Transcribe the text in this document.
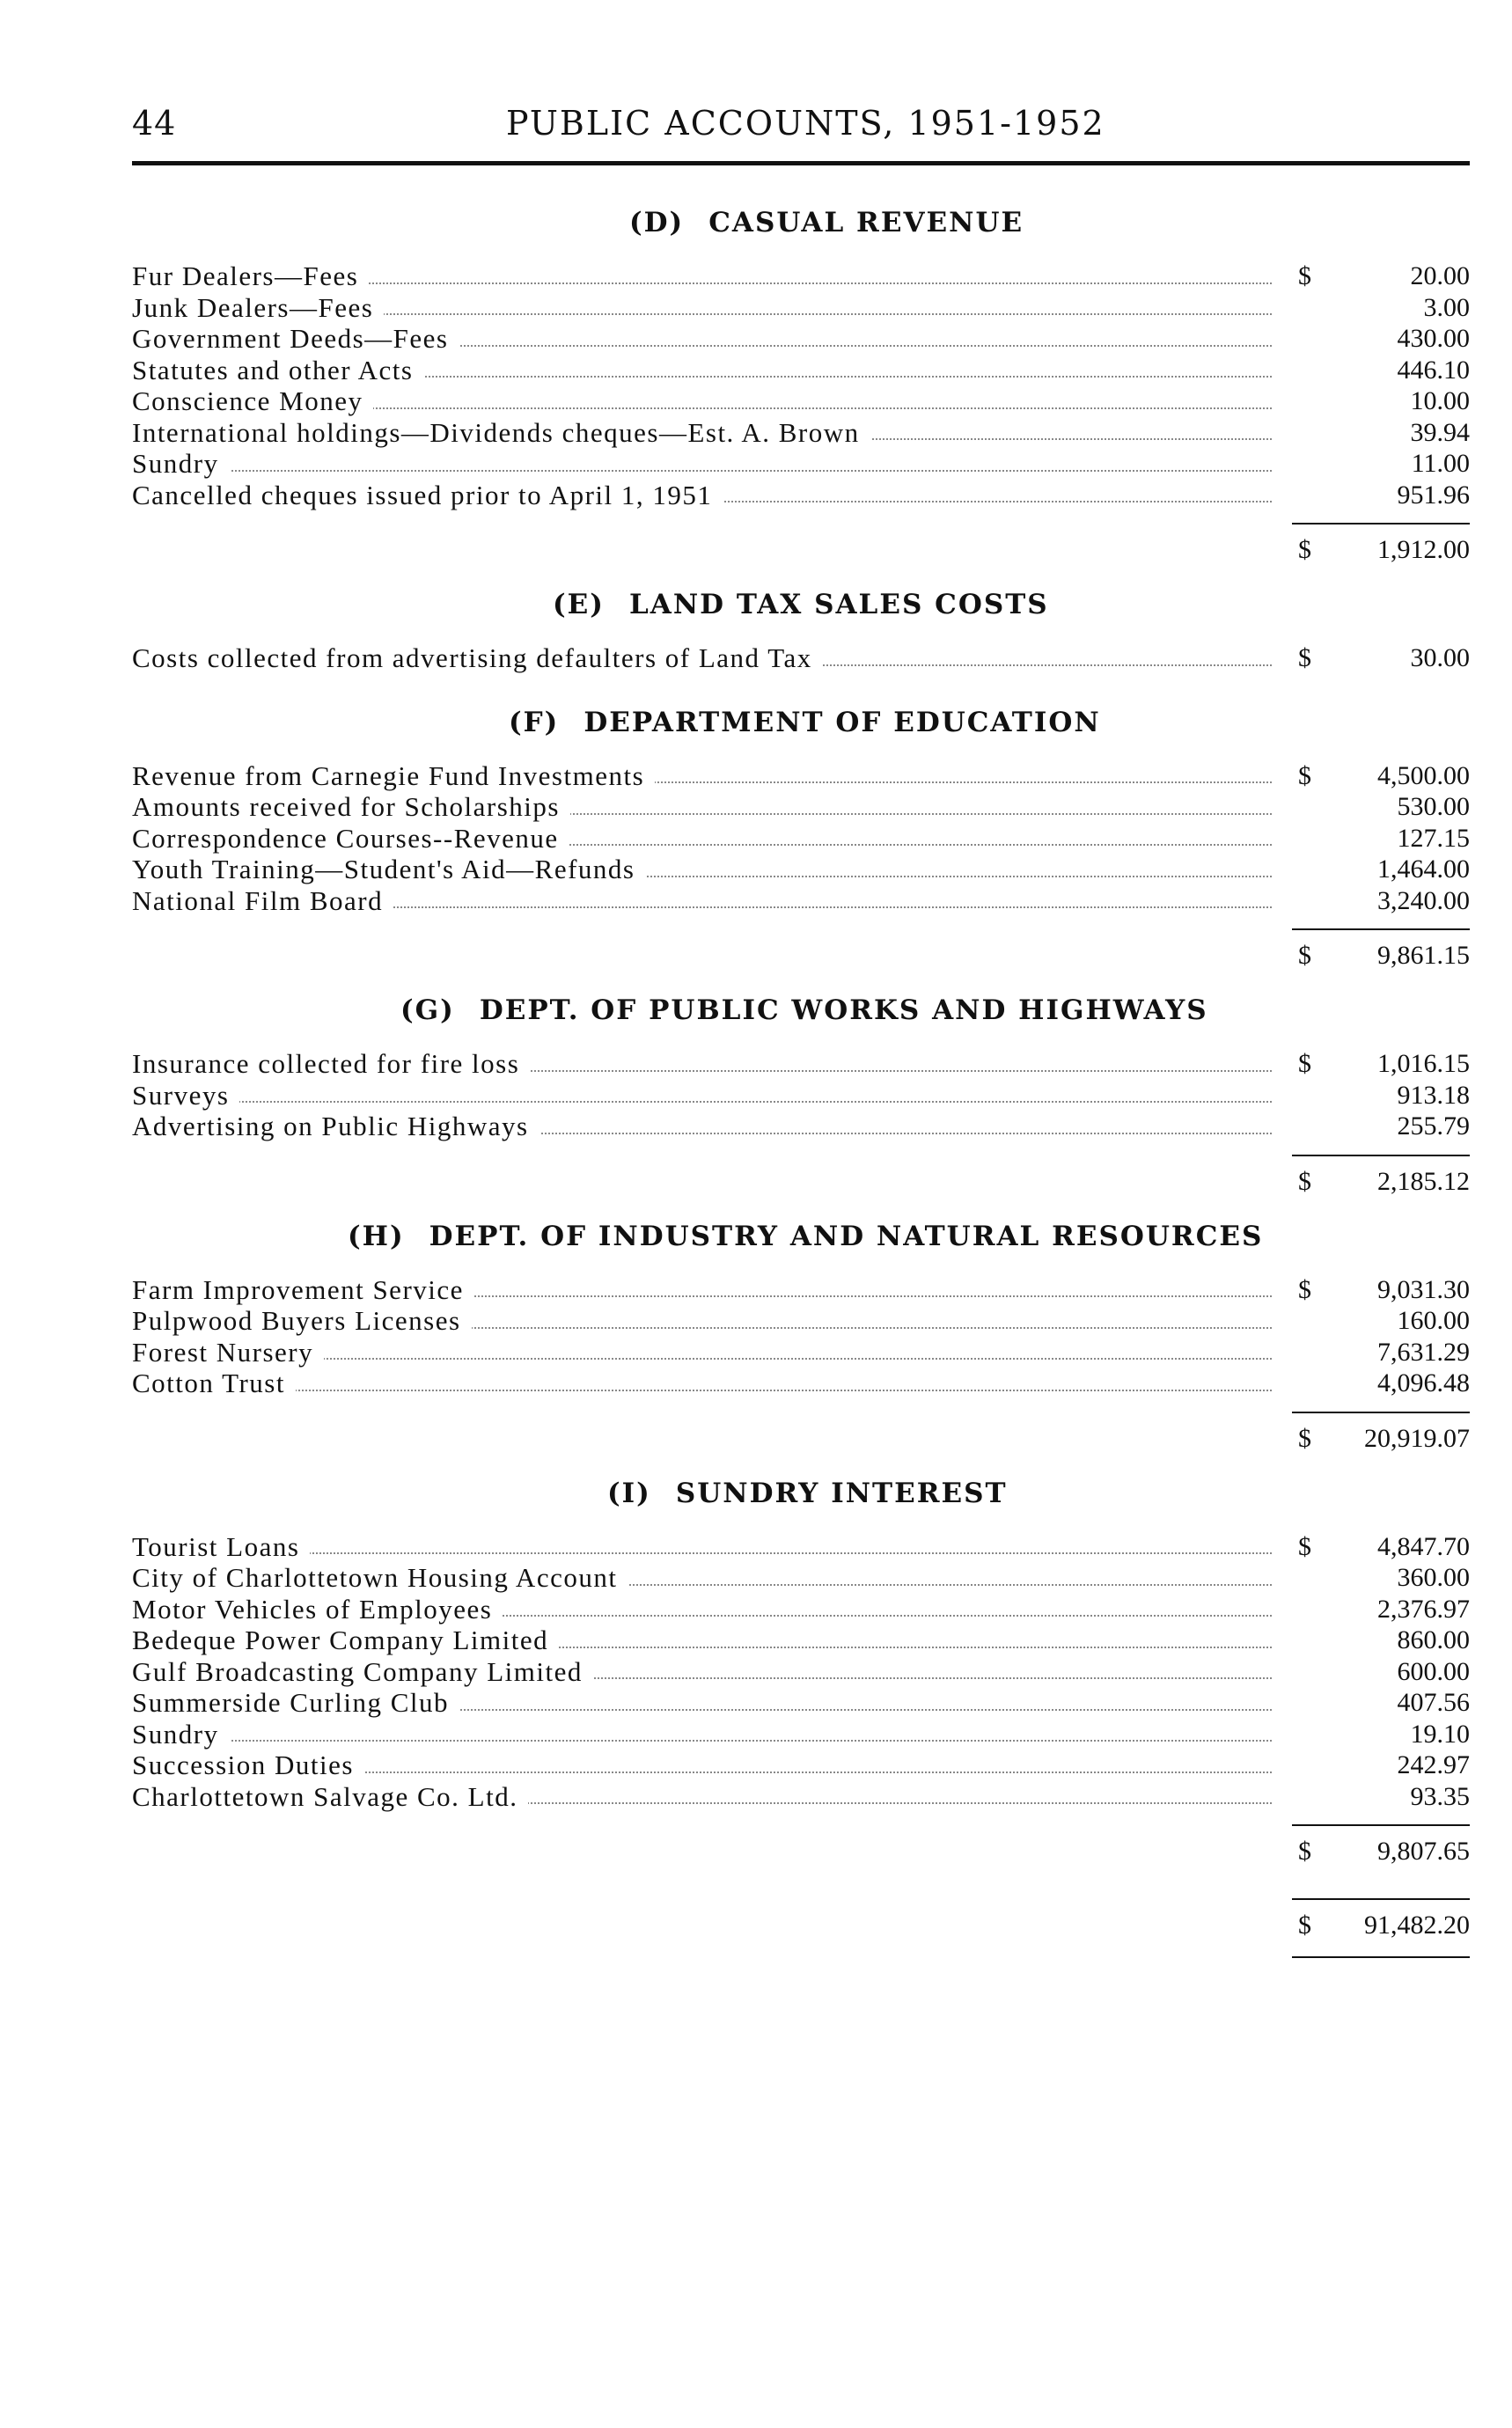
44	PUBLIC ACCOUNTS, 1951-1952
(D) CASUAL REVENUE
Fur Dealers—Fees	$	20.00
Junk Dealers—Fees	3.00
Government Deeds—Fees	430.00
Statutes and other Acts	446.10
Conscience Money	10.00
International holdings—Dividends cheques—Est. A. Brown	39.94
Sundry	11.00
Cancelled cheques issued prior to April 1, 1951	951.96
$	1,912.00
(E) LAND TAX SALES COSTS
Costs collected from advertising defaulters of Land Tax	$	30.00
(F) DEPARTMENT OF EDUCATION
Revenue from Carnegie Fund Investments	$	4,500.00
Amounts received for Scholarships	530.00
Correspondence Courses--Revenue	127.15
Youth Training—Student's Aid—Refunds	1,464.00
National Film Board	3,240.00
$	9,861.15
(G) DEPT. OF PUBLIC WORKS AND HIGHWAYS
Insurance collected for fire loss	$	1,016.15
Surveys	913.18
Advertising on Public Highways	255.79
$	2,185.12
(H) DEPT. OF INDUSTRY AND NATURAL RESOURCES
Farm Improvement Service	$	9,031.30
Pulpwood Buyers Licenses	160.00
Forest Nursery	7,631.29
Cotton Trust	4,096.48
$ 20,919.07
(I) SUNDRY INTEREST
Tourist Loans	$	4,847.70
City of Charlottetown Housing Account	360.00
Motor Vehicles of Employees	2,376.97
Bedeque Power Company Limited	860.00
Gulf Broadcasting Company Limited	600.00
Summerside Curling Club	407.56
Sundry	19.10
Succession Duties	242.97
Charlottetown Salvage Co. Ltd.	93.35
$	9,807.65
$ 91,482.20
